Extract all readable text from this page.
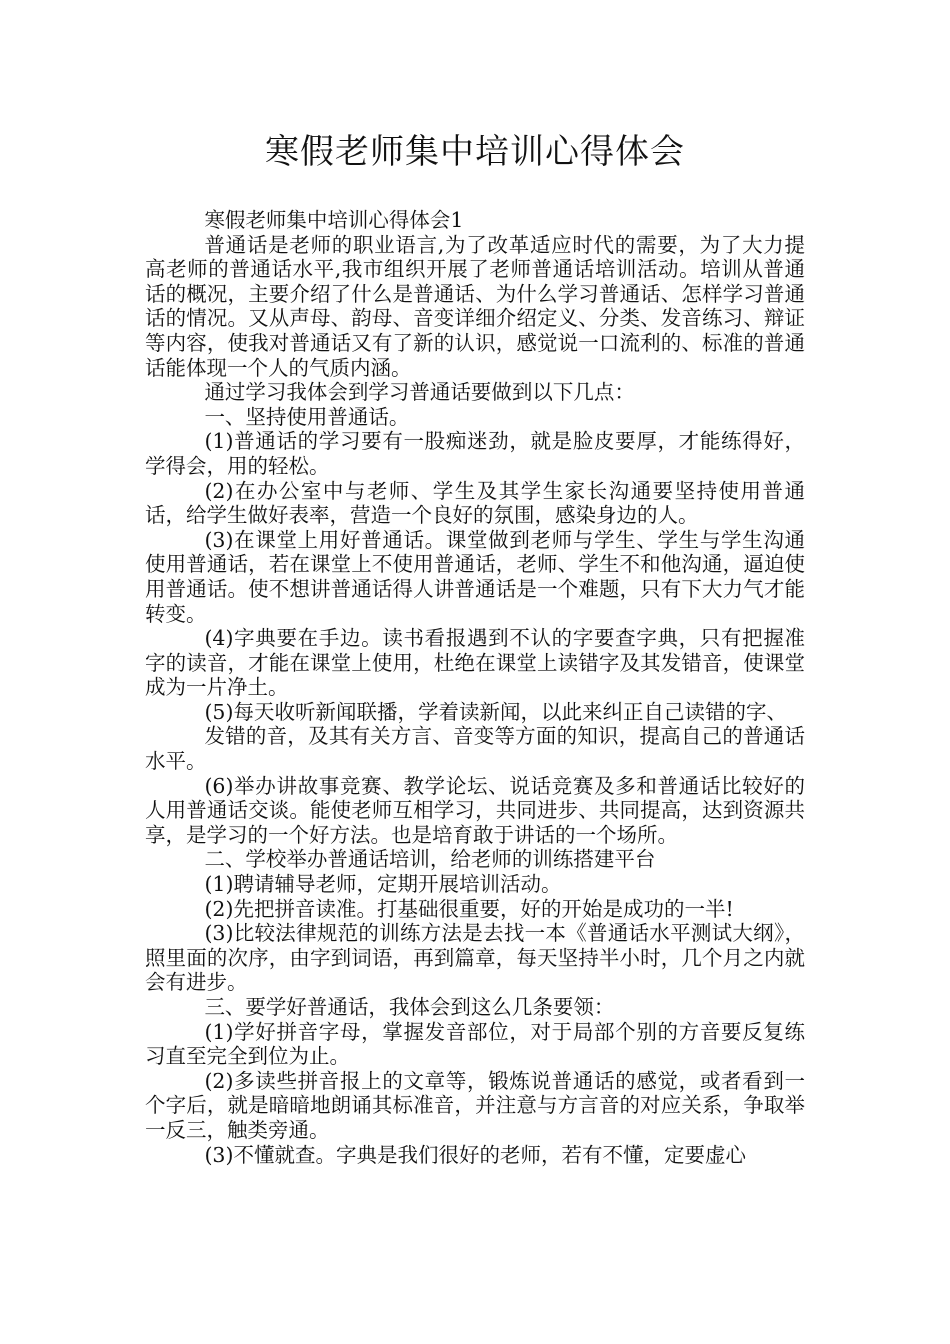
寒假老师集中培训心得体会

寒假老师集中培训心得体会1

普通话是老师的职业语言,为了改革适应时代的需要，为了大力提高老师的普通话水平,我市组织开展了老师普通话培训活动。培训从普通话的概况，主要介绍了什么是普通话、为什么学习普通话、怎样学习普通话的情况。又从声母、韵母、音变详细介绍定义、分类、发音练习、辩证等内容，使我对普通话又有了新的认识，感觉说一口流利的、标准的普通话能体现一个人的气质内涵。

通过学习我体会到学习普通话要做到以下几点：

一、坚持使用普通话。

(1)普通话的学习要有一股痴迷劲，就是脸皮要厚，才能练得好，学得会，用的轻松。

(2)在办公室中与老师、学生及其学生家长沟通要坚持使用普通话，给学生做好表率，营造一个良好的氛围，感染身边的人。

(3)在课堂上用好普通话。课堂做到老师与学生、学生与学生沟通使用普通话，若在课堂上不使用普通话，老师、学生不和他沟通，逼迫使用普通话。使不想讲普通话得人讲普通话是一个难题，只有下大力气才能转变。

(4)字典要在手边。读书看报遇到不认的字要查字典，只有把握准字的读音，才能在课堂上使用，杜绝在课堂上读错字及其发错音，使课堂成为一片净土。

(5)每天收听新闻联播，学着读新闻，以此来纠正自己读错的字、

发错的音，及其有关方言、音变等方面的知识，提高自己的普通话水平。

(6)举办讲故事竞赛、教学论坛、说话竞赛及多和普通话比较好的人用普通话交谈。能使老师互相学习，共同进步、共同提高，达到资源共享，是学习的一个好方法。也是培育敢于讲话的一个场所。

二、学校举办普通话培训，给老师的训练搭建平台

(1)聘请辅导老师，定期开展培训活动。

(2)先把拼音读准。打基础很重要，好的开始是成功的一半!

(3)比较法律规范的训练方法是去找一本《普通话水平测试大纲》，照里面的次序，由字到词语，再到篇章，每天坚持半小时，几个月之内就会有进步。

三、要学好普通话，我体会到这么几条要领：

(1)学好拼音字母，掌握发音部位，对于局部个别的方音要反复练习直至完全到位为止。

(2)多读些拼音报上的文章等，锻炼说普通话的感觉，或者看到一个字后，就是暗暗地朗诵其标准音，并注意与方言音的对应关系，争取举一反三，触类旁通。

(3)不懂就查。字典是我们很好的老师，若有不懂，定要虚心
